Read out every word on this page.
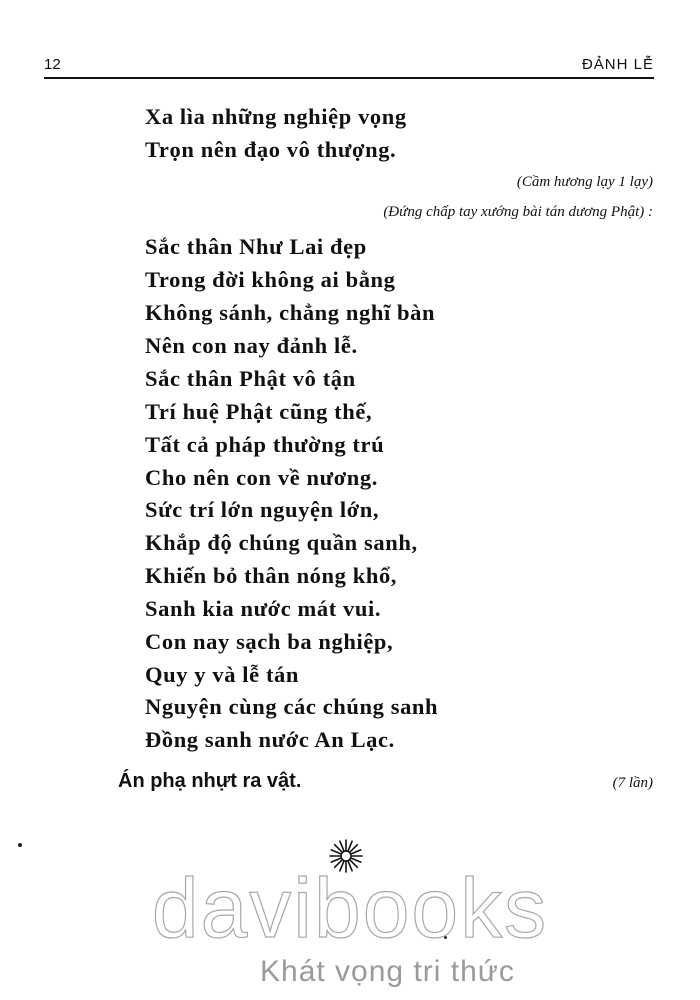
12	ĐẢNH LỄ
Xa lìa những nghiệp vọng
Trọn nên đạo vô thượng.
(Cầm hương lạy 1 lạy)
(Đứng chấp tay xướng bài tán dương Phật) :
Sắc thân Như Lai đẹp
Trong đời không ai bằng
Không sánh, chẳng nghĩ bàn
Nên con nay đảnh lễ.
Sắc thân Phật vô tận
Trí huệ Phật cũng thế,
Tất cả pháp thường trú
Cho nên con về nương.
Sức trí lớn nguyện lớn,
Khắp độ chúng quần sanh,
Khiến bỏ thân nóng khổ,
Sanh kia nước mát vui.
Con nay sạch ba nghiệp,
Quy y và lễ tán
Nguyện cùng các chúng sanh
Đồng sanh nước An Lạc.
Án phạ nhựt ra vật.	(7 lần)
davibooks
Khát vọng tri thức
